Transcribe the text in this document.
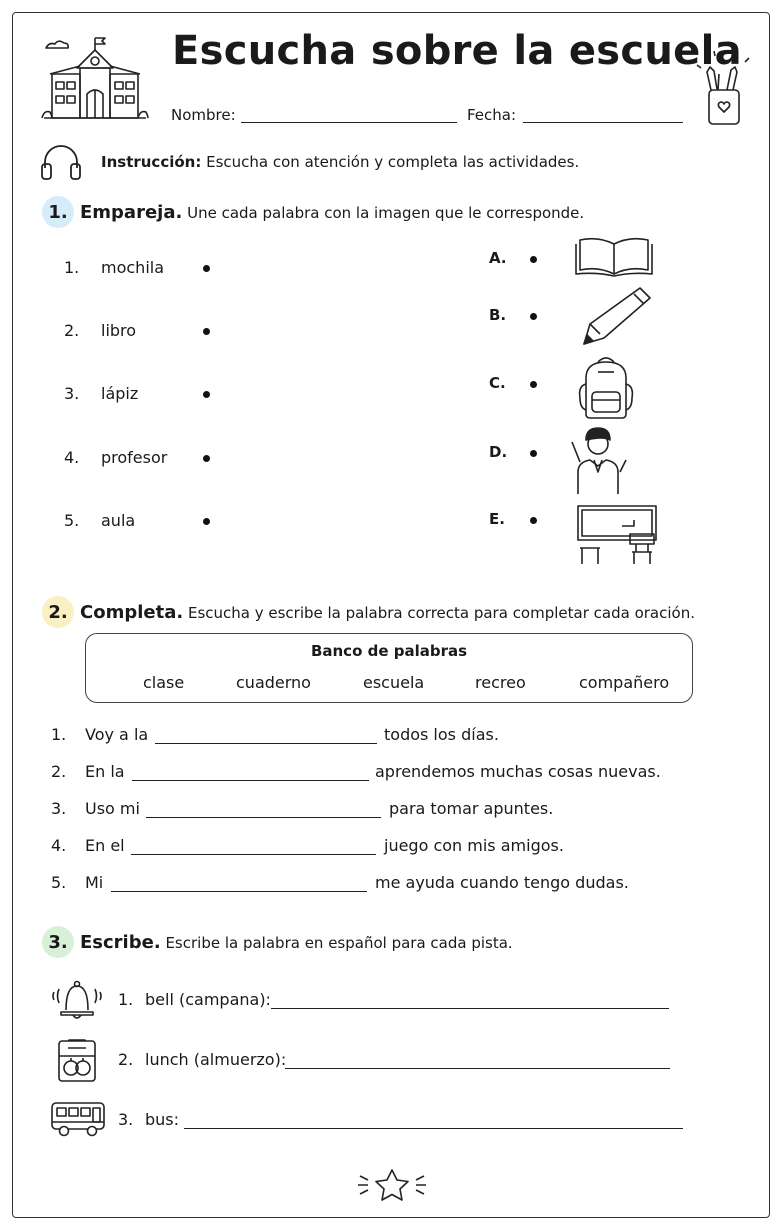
Escucha sobre la escuela
Nombre:	Fecha:
Instrucción: Escucha con atención y completa las actividades.
1. Empareja. Une cada palabra con la imagen que le corresponde.
1. mochila
2. libro
3. lápiz
4. profesor
5. aula
A.
B.
C.
D.
E.
2. Completa. Escucha y escribe la palabra correcta para completar cada oración.
Banco de palabras
clase	cuaderno	escuela	recreo	compañero
1. Voy a la	todos los días.
2. En la	aprendemos muchas cosas nuevas.
3. Uso mi	para tomar apuntes.
4. En el	juego con mis amigos.
5. Mi	me ayuda cuando tengo dudas.
3. Escribe. Escribe la palabra en español para cada pista.
1. bell (campana):
2. lunch (almuerzo):
3. bus:
